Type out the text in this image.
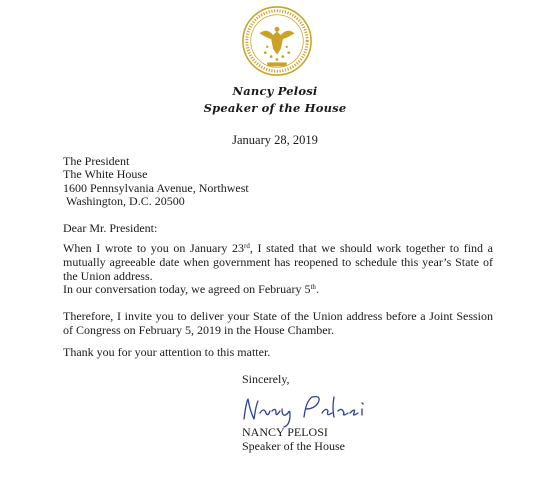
Nancy Pelosi
Speaker of the House
January 28, 2019
The President
The White House
1600 Pennsylvania Avenue, Northwest
Washington, D.C. 20500
Dear Mr. President:
When I wrote to you on January 23rd, I stated that we should work together to find a mutually agreeable date when government has reopened to schedule this year’s State of the Union address.
In our conversation today, we agreed on February 5th.
Therefore, I invite you to deliver your State of the Union address before a Joint Session of Congress on February 5, 2019 in the House Chamber.
Thank you for your attention to this matter.
Sincerely,
NANCY PELOSI
Speaker of the House
